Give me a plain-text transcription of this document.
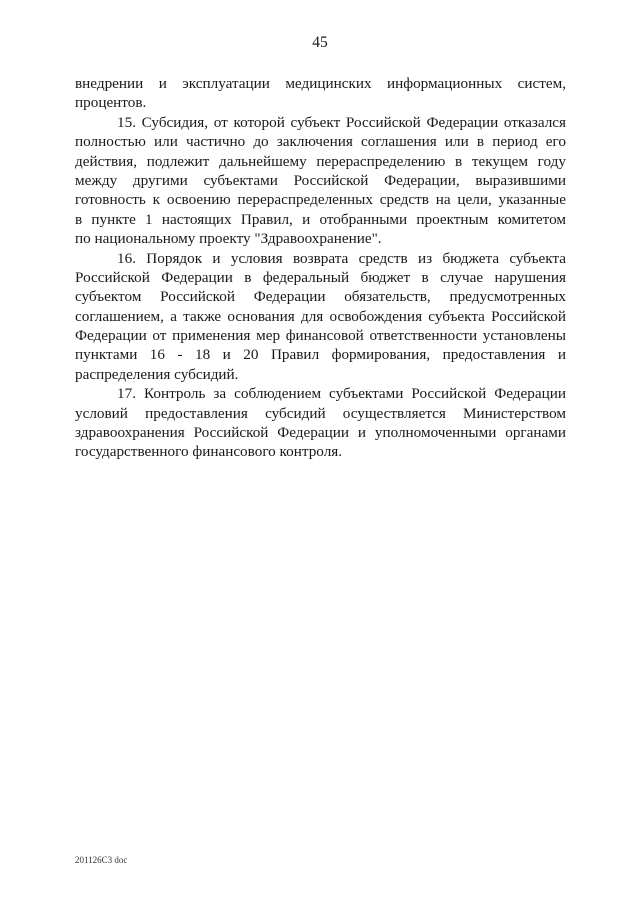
45
внедрении и эксплуатации медицинских информационных систем,
процентов.
15. Субсидия, от которой субъект Российской Федерации отказался
полностью или частично до заключения соглашения или в период его
действия, подлежит дальнейшему перераспределению в текущем году
между другими субъектами Российской Федерации, выразившими
готовность к освоению перераспределенных средств на цели, указанные
в пункте 1 настоящих Правил, и отобранными проектным комитетом
по национальному проекту "Здравоохранение".
16. Порядок и условия возврата средств из бюджета субъекта
Российской Федерации в федеральный бюджет в случае нарушения
субъектом Российской Федерации обязательств, предусмотренных
соглашением, а также основания для освобождения субъекта Российской
Федерации от применения мер финансовой ответственности установлены
пунктами 16 - 18 и 20 Правил формирования, предоставления и
распределения субсидий.
17. Контроль за соблюдением субъектами Российской Федерации
условий предоставления субсидий осуществляется Министерством
здравоохранения Российской Федерации и уполномоченными органами
государственного финансового контроля.
201126С3 doc
